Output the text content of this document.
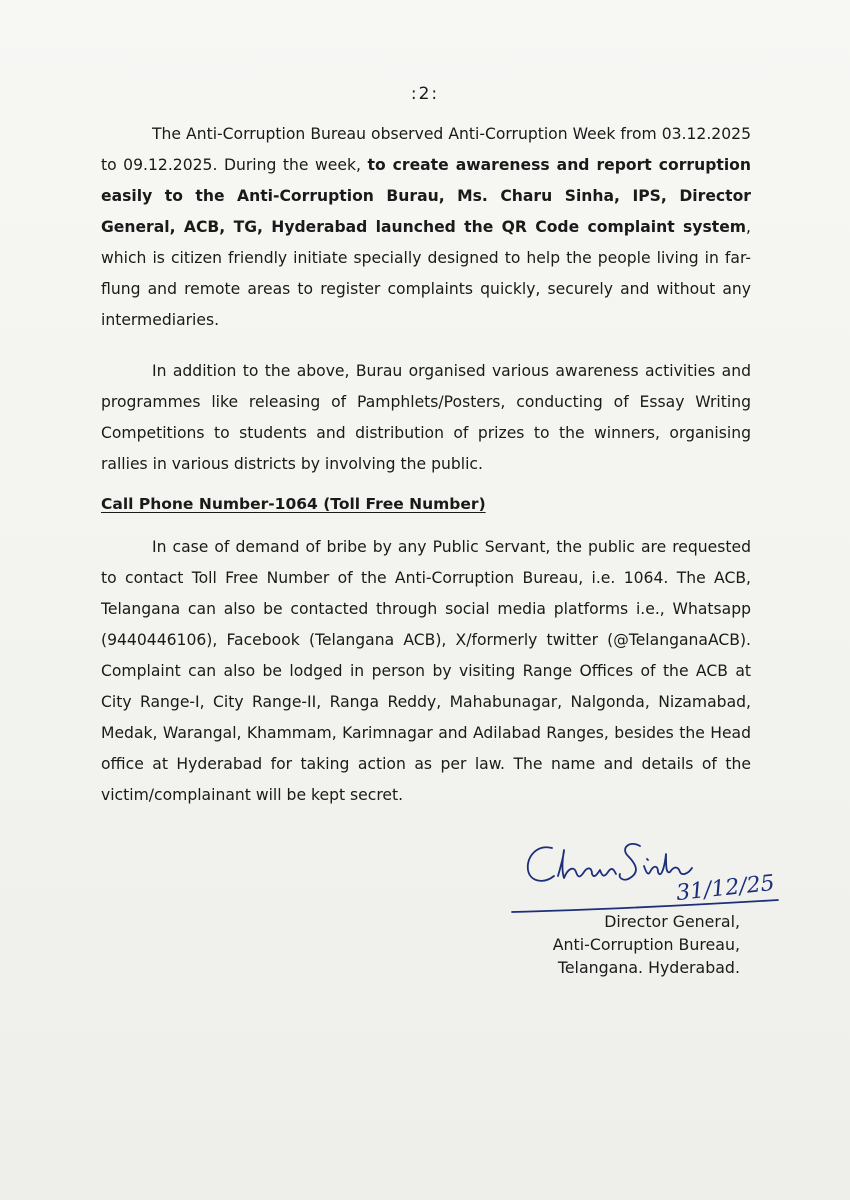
:2:

The Anti-Corruption Bureau observed Anti-Corruption Week from 03.12.2025 to 09.12.2025. During the week, to create awareness and report corruption easily to the Anti-Corruption Burau, Ms. Charu Sinha, IPS, Director General, ACB, TG, Hyderabad launched the QR Code complaint system, which is citizen friendly initiate specially designed to help the people living in far-flung and remote areas to register complaints quickly, securely and without any intermediaries.

In addition to the above, Burau organised various awareness activities and programmes like releasing of Pamphlets/Posters, conducting of Essay Writing Competitions to students and distribution of prizes to the winners, organising rallies in various districts by involving the public.

Call Phone Number-1064 (Toll Free Number)

In case of demand of bribe by any Public Servant, the public are requested to contact Toll Free Number of the Anti-Corruption Bureau, i.e. 1064. The ACB, Telangana can also be contacted through social media platforms i.e., Whatsapp (9440446106), Facebook (Telangana ACB), X/formerly twitter (@TelanganaACB). Complaint can also be lodged in person by visiting Range Offices of the ACB at City Range-I, City Range-II, Ranga Reddy, Mahabunagar, Nalgonda, Nizamabad, Medak, Warangal, Khammam, Karimnagar and Adilabad Ranges, besides the Head office at Hyderabad for taking action as per law. The name and details of the victim/complainant will be kept secret.

31/12/25
Director General,
Anti-Corruption Bureau,
Telangana. Hyderabad.
